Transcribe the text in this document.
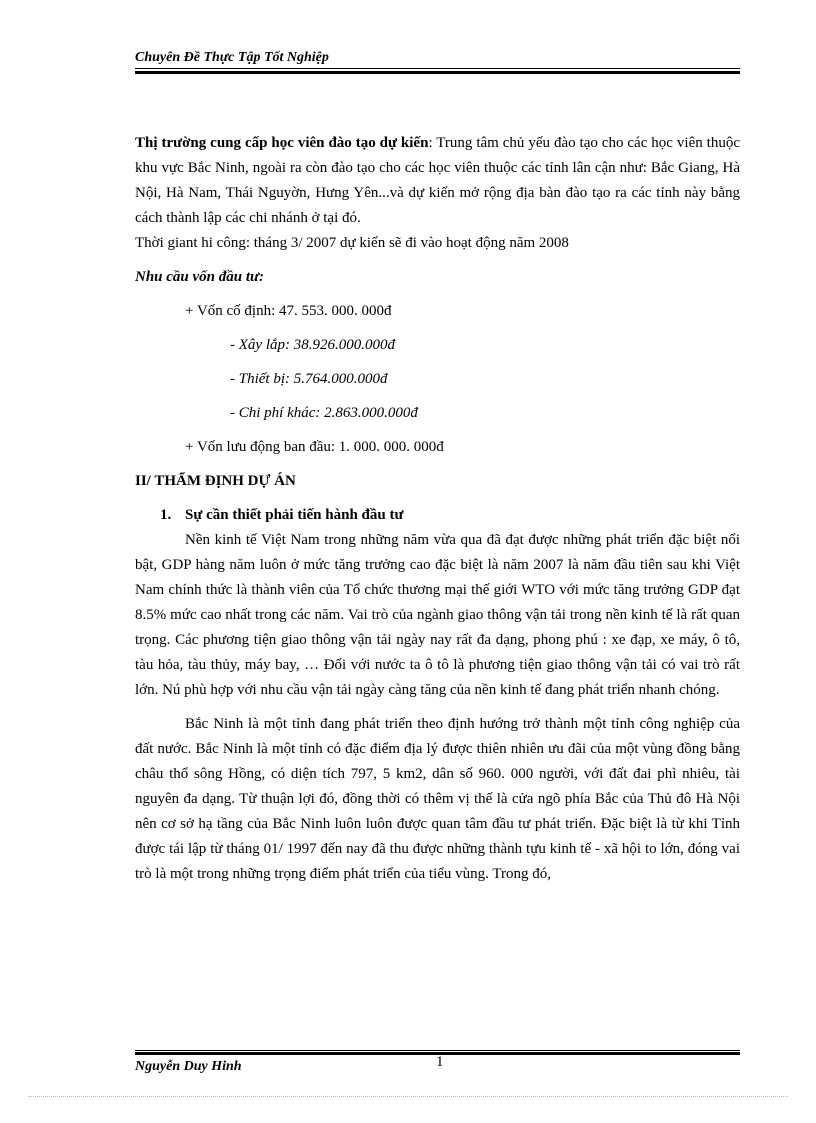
Chuyên Đề Thực Tập Tốt Nghiệp

Thị trường cung cấp học viên đào tạo dự kiến: Trung tâm chủ yếu đào tạo cho các học viên thuộc khu vực Bắc Ninh, ngoài ra còn đào tạo cho các học viên thuộc các tỉnh lân cận như: Bắc Giang, Hà Nội, Hà Nam, Thái Nguyờn, Hưng Yên...và dự kiến mở rộng địa bàn đào tạo ra các tỉnh này bằng cách thành lập các chi nhánh ở tại đó.

Thời giant hi công: tháng 3/ 2007 dự kiến sẽ đi vào hoạt động năm 2008

Nhu cầu vốn đầu tư:

+ Vốn cố định: 47. 553. 000. 000đ

- Xây lắp: 38.926.000.000đ

- Thiết bị: 5.764.000.000đ

- Chi phí khác: 2.863.000.000đ

+ Vốn lưu động ban đầu: 1. 000. 000. 000đ

II/ THẨM ĐỊNH DỰ ÁN

1. Sự cần thiết phải tiến hành đầu tư

Nền kinh tế Việt Nam trong những năm vừa qua đã đạt được những phát triển đặc biệt nổi bật, GDP hàng năm luôn ở mức tăng trưởng cao đặc biệt là năm 2007 là năm đầu tiên sau khi Việt Nam chính thức là thành viên của Tổ chức thương mại thế giới WTO với mức tăng trưởng GDP đạt 8.5% mức cao nhất trong các năm. Vai trò của ngành giao thông vận tải trong nền kinh tế là rất quan trọng. Các phương tiện giao thông vận tải ngày nay rất đa dạng, phong phú : xe đạp, xe máy, ô tô, tàu hỏa, tàu thủy, máy bay, … Đối với nước ta ô tô là phương tiện giao thông vận tải có vai trò rất lớn. Nú phù hợp với nhu cầu vận tải ngày càng tăng của nền kinh tế đang phát triển nhanh chóng.

Bắc Ninh là một tỉnh đang phát triển theo định hướng trở thành một tỉnh công nghiệp của đất nước. Bắc Ninh là một tỉnh có đặc điểm địa lý được thiên nhiên ưu đãi của một vùng đồng bằng châu thổ sông Hồng, có diện tích 797, 5 km2, dân số 960. 000 người, với đất đai phì nhiêu, tài nguyên đa dạng. Từ thuận lợi đó, đồng thời có thêm vị thế là cửa ngõ phía Bắc của Thủ đô Hà Nội nên cơ sở hạ tầng của Bắc Ninh luôn luôn được quan tâm đầu tư phát triển. Đặc biệt là từ khi Tỉnh được tái lập từ tháng 01/ 1997 đến nay đã thu được những thành tựu kinh tế - xã hội to lớn, đóng vai trò là một trong những trọng điểm phát triển của tiểu vùng. Trong đó,

Nguyễn Duy Hinh	1
